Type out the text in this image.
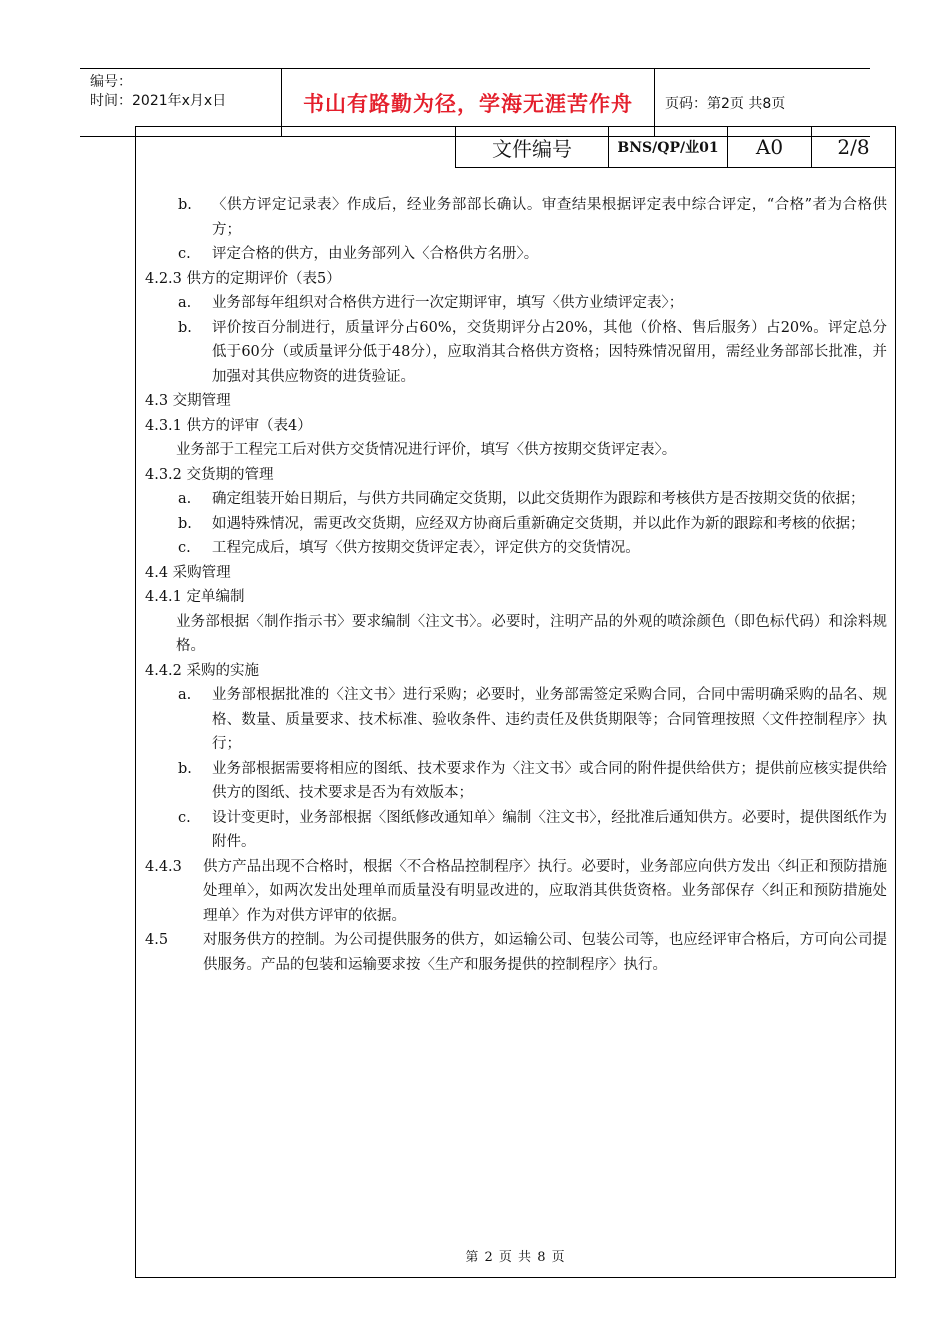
编号：
时间：2021年x月x日	书山有路勤为径，学海无涯苦作舟	页码：第2页 共8页
文件编号	BNS/QP/业01	A0	2/8
b.	〈供方评定记录表〉作成后，经业务部部长确认。审查结果根据评定表中综合评定，“合格”者为合格供方；
c.	评定合格的供方，由业务部列入〈合格供方名册〉。

4.2.3 供方的定期评价（表5）

a.	业务部每年组织对合格供方进行一次定期评审，填写〈供方业绩评定表〉；
b.	评价按百分制进行，质量评分占60%，交货期评分占20%，其他（价格、售后服务）占20%。评定总分低于60分（或质量评分低于48分），应取消其合格供方资格；因特殊情况留用，需经业务部部长批准，并加强对其供应物资的进货验证。

4.3 交期管理

4.3.1 供方的评审（表4）

业务部于工程完工后对供方交货情况进行评价，填写〈供方按期交货评定表〉。

4.3.2 交货期的管理

a.	确定组装开始日期后，与供方共同确定交货期，以此交货期作为跟踪和考核供方是否按期交货的依据；
b.	如遇特殊情况，需更改交货期，应经双方协商后重新确定交货期，并以此作为新的跟踪和考核的依据；
c.	工程完成后，填写〈供方按期交货评定表〉，评定供方的交货情况。

4.4 采购管理

4.4.1 定单编制

业务部根据〈制作指示书〉要求编制〈注文书〉。必要时，注明产品的外观的喷涂颜色（即色标代码）和涂料规格。

4.4.2 采购的实施

a.	业务部根据批准的〈注文书〉进行采购；必要时，业务部需签定采购合同，合同中需明确采购的品名、规格、数量、质量要求、技术标准、验收条件、违约责任及供货期限等；合同管理按照〈文件控制程序〉执行；
b.	业务部根据需要将相应的图纸、技术要求作为〈注文书〉或合同的附件提供给供方；提供前应核实提供给供方的图纸、技术要求是否为有效版本；
c.	设计变更时，业务部根据〈图纸修改通知单〉编制〈注文书〉，经批准后通知供方。必要时，提供图纸作为附件。
4.4.3	供方产品出现不合格时，根据〈不合格品控制程序〉执行。必要时，业务部应向供方发出〈纠正和预防措施处理单〉，如两次发出处理单而质量没有明显改进的，应取消其供货资格。业务部保存〈纠正和预防措施处理单〉作为对供方评审的依据。
4.5	对服务供方的控制。为公司提供服务的供方，如运输公司、包装公司等，也应经评审合格后，方可向公司提供服务。产品的包装和运输要求按〈生产和服务提供的控制程序〉执行。
第 2 页 共 8 页
